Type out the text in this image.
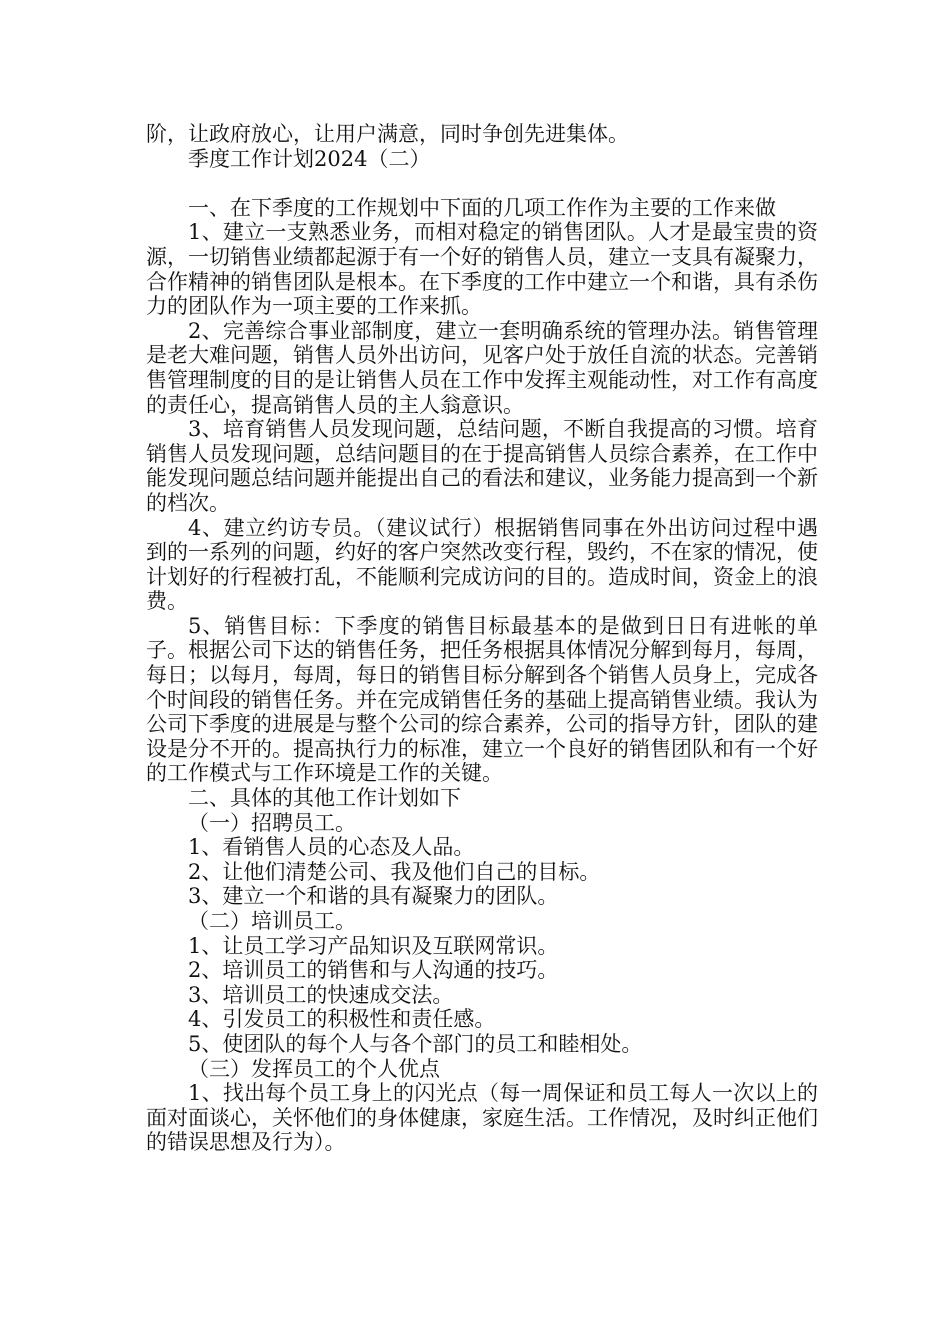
阶，让政府放心，让用户满意，同时争创先进集体。

季度工作计划2024（二）

一、在下季度的工作规划中下面的几项工作作为主要的工作来做

1、建立一支熟悉业务，而相对稳定的销售团队。人才是最宝贵的资源，一切销售业绩都起源于有一个好的销售人员，建立一支具有凝聚力，合作精神的销售团队是根本。在下季度的工作中建立一个和谐，具有杀伤力的团队作为一项主要的工作来抓。

2、完善综合事业部制度，建立一套明确系统的管理办法。销售管理是老大难问题，销售人员外出访问，见客户处于放任自流的状态。完善销售管理制度的目的是让销售人员在工作中发挥主观能动性，对工作有高度的责任心，提高销售人员的主人翁意识。

3、培育销售人员发现问题，总结问题，不断自我提高的习惯。培育销售人员发现问题，总结问题目的在于提高销售人员综合素养，在工作中能发现问题总结问题并能提出自己的看法和建议，业务能力提高到一个新的档次。

4、建立约访专员。（建议试行）根据销售同事在外出访问过程中遇到的一系列的问题，约好的客户突然改变行程，毁约，不在家的情况，使计划好的行程被打乱，不能顺利完成访问的目的。造成时间，资金上的浪费。

5、销售目标：下季度的销售目标最基本的是做到日日有进帐的单子。根据公司下达的销售任务，把任务根据具体情况分解到每月，每周，每日；以每月，每周，每日的销售目标分解到各个销售人员身上，完成各个时间段的销售任务。并在完成销售任务的基础上提高销售业绩。我认为公司下季度的进展是与整个公司的综合素养，公司的指导方针，团队的建设是分不开的。提高执行力的标准，建立一个良好的销售团队和有一个好的工作模式与工作环境是工作的关键。

二、具体的其他工作计划如下

（一）招聘员工。

1、看销售人员的心态及人品。

2、让他们清楚公司、我及他们自己的目标。

3、建立一个和谐的具有凝聚力的团队。

（二）培训员工。

1、让员工学习产品知识及互联网常识。

2、培训员工的销售和与人沟通的技巧。

3、培训员工的快速成交法。

4、引发员工的积极性和责任感。

5、使团队的每个人与各个部门的员工和睦相处。

（三）发挥员工的个人优点

1、找出每个员工身上的闪光点（每一周保证和员工每人一次以上的面对面谈心，关怀他们的身体健康，家庭生活。工作情况，及时纠正他们的错误思想及行为）。
